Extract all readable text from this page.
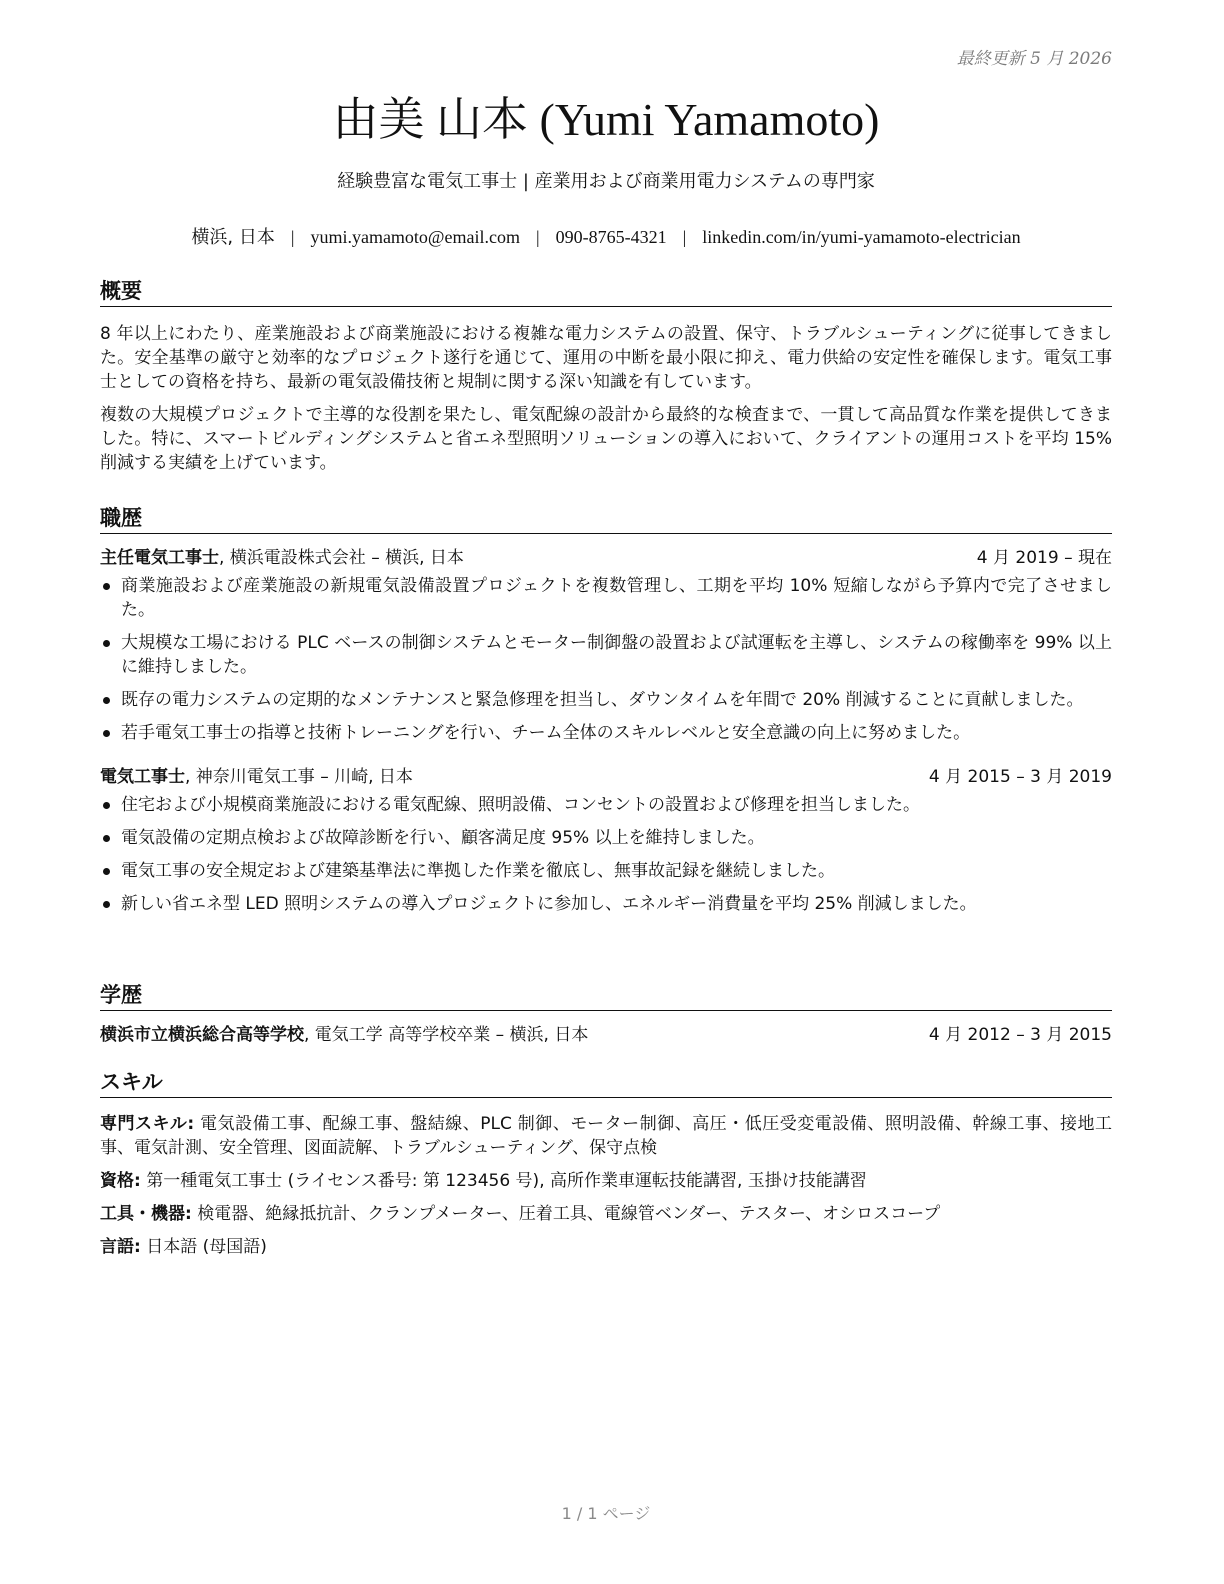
最終更新 5 月 2026
由美 山本 (Yumi Yamamoto)
経験豊富な電気工事士 | 産業用および商業用電力システムの専門家
横浜, 日本 | yumi.yamamoto@email.com | 090-8765-4321 | linkedin.com/in/yumi-yamamoto-electrician
概要

8 年以上にわたり、産業施設および商業施設における複雑な電力システムの設置、保守、トラブルシューティングに従事してきました。安全基準の厳守と効率的なプロジェクト遂行を通じて、運用の中断を最小限に抑え、電力供給の安定性を確保します。電気工事士としての資格を持ち、最新の電気設備技術と規制に関する深い知識を有しています。

複数の大規模プロジェクトで主導的な役割を果たし、電気配線の設計から最終的な検査まで、一貫して高品質な作業を提供してきました。特に、スマートビルディングシステムと省エネ型照明ソリューションの導入において、クライアントの運用コストを平均 15% 削減する実績を上げています。

職歴
主任電気工事士, 横浜電設株式会社 – 横浜, 日本	4 月 2019 – 現在
商業施設および産業施設の新規電気設備設置プロジェクトを複数管理し、工期を平均 10% 短縮しながら予算内で完了させました。
大規模な工場における PLC ベースの制御システムとモーター制御盤の設置および試運転を主導し、システムの稼働率を 99% 以上に維持しました。
既存の電力システムの定期的なメンテナンスと緊急修理を担当し、ダウンタイムを年間で 20% 削減することに貢献しました。
若手電気工事士の指導と技術トレーニングを行い、チーム全体のスキルレベルと安全意識の向上に努めました。
電気工事士, 神奈川電気工事 – 川崎, 日本	4 月 2015 – 3 月 2019
住宅および小規模商業施設における電気配線、照明設備、コンセントの設置および修理を担当しました。
電気設備の定期点検および故障診断を行い、顧客満足度 95% 以上を維持しました。
電気工事の安全規定および建築基準法に準拠した作業を徹底し、無事故記録を継続しました。
新しい省エネ型 LED 照明システムの導入プロジェクトに参加し、エネルギー消費量を平均 25% 削減しました。
学歴
横浜市立横浜総合高等学校, 電気工学 高等学校卒業 – 横浜, 日本	4 月 2012 – 3 月 2015
スキル
専門スキル: 電気設備工事、配線工事、盤結線、PLC 制御、モーター制御、高圧・低圧受変電設備、照明設備、幹線工事、接地工事、電気計測、安全管理、図面読解、トラブルシューティング、保守点検
資格: 第一種電気工事士 (ライセンス番号: 第 123456 号), 高所作業車運転技能講習, 玉掛け技能講習
工具・機器: 検電器、絶縁抵抗計、クランプメーター、圧着工具、電線管ベンダー、テスター、オシロスコープ
言語: 日本語 (母国語)
1 / 1 ページ
